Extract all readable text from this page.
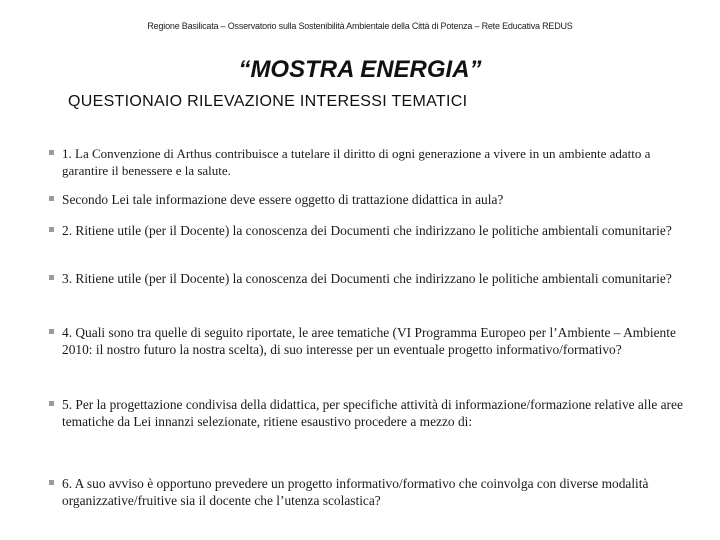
Regione Basilicata – Osservatorio sulla Sostenibilità Ambientale della Città di Potenza – Rete Educativa REDUS
“MOSTRA ENERGIA”
QUESTIONAIO RILEVAZIONE INTERESSI TEMATICI

1. La Convenzione di Arthus contribuisce a tutelare il diritto di ogni generazione a vivere in un ambiente adatto a garantire il benessere e la salute.

Secondo Lei tale informazione deve essere oggetto di trattazione didattica in aula?

2. Ritiene utile (per il Docente) la conoscenza dei Documenti che indirizzano le politiche ambientali comunitarie?

3. Ritiene utile (per il Docente) la conoscenza dei Documenti che indirizzano le politiche ambientali comunitarie?

4. Quali sono tra quelle di seguito riportate, le aree tematiche (VI Programma Europeo per l’Ambiente – Ambiente 2010: il nostro futuro la nostra scelta), di suo interesse per un eventuale progetto informativo/formativo?

5. Per la progettazione condivisa della didattica, per specifiche attività di informazione/formazione relative alle aree tematiche da Lei innanzi selezionate, ritiene esaustivo procedere a mezzo di:

6. A suo avviso è opportuno prevedere un progetto informativo/formativo che coinvolga con diverse modalità organizzative/fruitive sia il docente che l’utenza scolastica?
